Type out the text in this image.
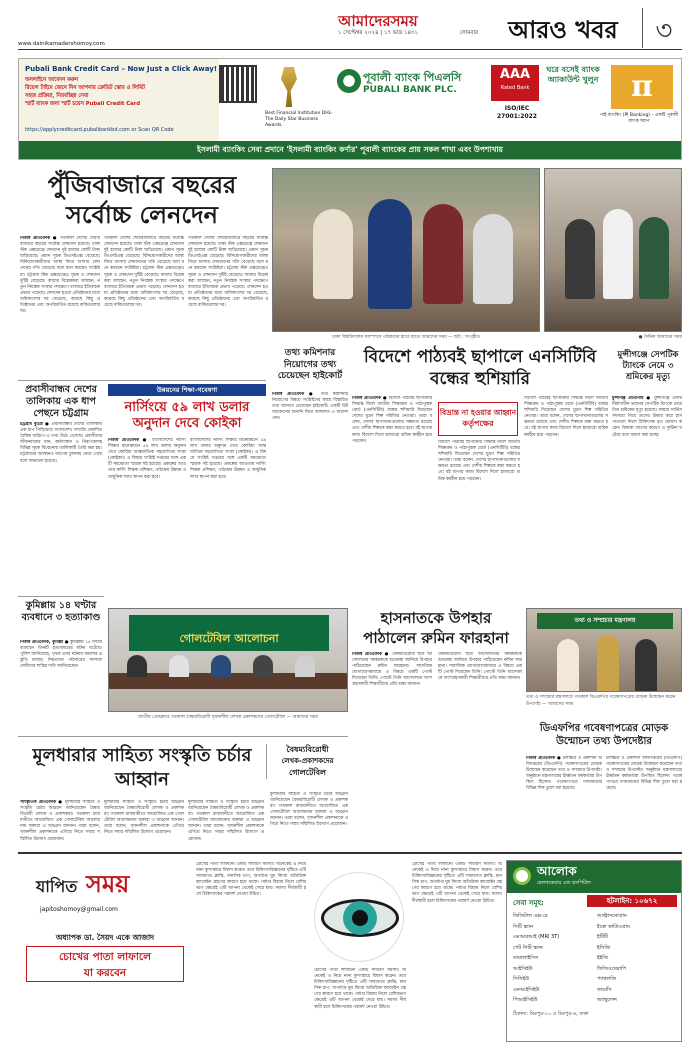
আমাদেরসময়
১ সেপ্টেম্বর ২০২৪ | ১৭ ভাদ্র ১৪৩১	সোমবার	আরও খবর	৩
www.dainikamadershomoy.com
Pubali Bank Credit Card – Now Just a Click Away!
অনলাইনে আবেদন করুন
রিয়েল টাইমে জেনে নিন আপনার ক্রেডিট স্কোর ও লিমিট
সহজ প্রক্রিয়া, নিরবচ্ছিন্ন সেবা
স্মার্ট ব্যাংক জন্য স্মার্ট চয়েস Pubali Credit Card
https://applycreditcard.pubalibankbd.com or Scan QR Code
Best Financial Institution DHL-The Daily Star Business Awards.
পূবালী ব্যাংক পিএলসি
PUBALI BANK PLC.
AAA
Rated Bank
ISO/IEC 27001:2022
ঘরে বসেই ব্যাংক অ্যাকাউন্ট খুলুন	π
পাই ব্যাংকিং (PI Banking) – একটি পূবালী ব্যাংক অ্যাপ
ইসলামী ব্যাংকিং সেবা প্রদানে 'ইসলামী ব্যাংকিং কর্ণার' পূবালী ব্যাংকের প্রায় সকল শাখা এবং উপশাখায়
পুঁজিবাজারে বছরের সর্বোচ্চ লেনদেন
নিজস্ব প্রতিবেদক ● গতকাল দেশের শেয়ারবাজারে বছরের সর্বোচ্চ লেনদেন হয়েছে। ঢাকা স্টক এক্সচেঞ্জে লেনদেন দুই হাজার কোটি টাকা ছাড়িয়েছে। প্রধান সূচক ডিএসইএক্স বেড়েছে। বিনিয়োগকারীদের আস্থা ফিরে আসায় লেনদেনের গতি বেড়েছে বলে মনে করছেন সংশ্লিষ্টরা। চট্টগ্রাম স্টক এক্সচেঞ্জেও সূচক ও লেনদেন দুটিই বেড়েছে। বাজার বিশ্লেষকরা বলছেন, নতুন নিয়ন্ত্রক সংস্থার পদক্ষেপে বাজারে ইতিবাচক প্রভাব পড়েছে। লেনদেন হওয়া প্রতিষ্ঠানের মধ্যে অধিকাংশের দর বেড়েছে, কমেছে কিছু প্রতিষ্ঠানের এবং অপরিবর্তিত রয়েছে বাকিগুলোর দর।
গতকাল দেশের শেয়ারবাজারে বছরের সর্বোচ্চ লেনদেন হয়েছে। ঢাকা স্টক এক্সচেঞ্জে লেনদেন দুই হাজার কোটি টাকা ছাড়িয়েছে। প্রধান সূচক ডিএসইএক্স বেড়েছে। বিনিয়োগকারীদের আস্থা ফিরে আসায় লেনদেনের গতি বেড়েছে বলে মনে করছেন সংশ্লিষ্টরা। চট্টগ্রাম স্টক এক্সচেঞ্জেও সূচক ও লেনদেন দুটিই বেড়েছে। বাজার বিশ্লেষকরা বলছেন, নতুন নিয়ন্ত্রক সংস্থার পদক্ষেপে বাজারে ইতিবাচক প্রভাব পড়েছে। লেনদেন হওয়া প্রতিষ্ঠানের মধ্যে অধিকাংশের দর বেড়েছে, কমেছে কিছু প্রতিষ্ঠানের এবং অপরিবর্তিত রয়েছে বাকিগুলোর দর।
গতকাল দেশের শেয়ারবাজারে বছরের সর্বোচ্চ লেনদেন হয়েছে। ঢাকা স্টক এক্সচেঞ্জে লেনদেন দুই হাজার কোটি টাকা ছাড়িয়েছে। প্রধান সূচক ডিএসইএক্স বেড়েছে। বিনিয়োগকারীদের আস্থা ফিরে আসায় লেনদেনের গতি বেড়েছে বলে মনে করছেন সংশ্লিষ্টরা। চট্টগ্রাম স্টক এক্সচেঞ্জেও সূচক ও লেনদেন দুটিই বেড়েছে। বাজার বিশ্লেষকরা বলছেন, নতুন নিয়ন্ত্রক সংস্থার পদক্ষেপে বাজারে ইতিবাচক প্রভাব পড়েছে। লেনদেন হওয়া প্রতিষ্ঠানের মধ্যে অধিকাংশের দর বেড়েছে, কমেছে কিছু প্রতিষ্ঠানের এবং অপরিবর্তিত রয়েছে বাকিগুলোর দর।
ঢাকা বিশ্ববিদ্যালয় ক্যাম্পাসে পাঠকদের হাতে হাতে আমাদের সময় — ছবি : সংগৃহীত	● দৈনিক আমাদের সময়
প্রবাসীবান্ধব দেশের তালিকায় এক ধাপ পেছনে চট্টগ্রাম
চট্টগ্রাম ব্যুরো ● প্রবাসীবান্ধব দেশের তালিকায় এক ধাপ পিছিয়েছে বাংলাদেশ। সম্প্রতি প্রকাশিত বৈশ্বিক জরিপে এ তথ্য উঠে এসেছে। প্রবাসীদের জীবনযাত্রার মান, কর্মসংস্থান ও নিরাপত্তাসহ বিভিন্ন সূচক বিবেচনায় তালিকাটি তৈরি করা হয়। চট্টগ্রামের অবস্থানও আগের তুলনায় নেমে গেছে বলে জানানো হয়েছে।
কুমিল্লায় ১৪ ঘণ্টার ব্যবধানে ৩ হত্যাকাণ্ড
নিজস্ব প্রতিবেদক, কুমিল্লা ● কুমিল্লায় ১৪ ঘণ্টার ব্যবধানে তিনটি হত্যাকাণ্ডের ঘটনা ঘটেছে। পুলিশ জানিয়েছে, পৃথক এসব ঘটনায় মামলার প্রস্তুতি চলছে। নিহতদের পরিবারের সদস্যরা দোষীদের শাস্তির দাবি জানিয়েছেন।
উন্নয়নের শিক্ষা-গবেষণা
নার্সিংয়ে ৫৯ লাখ ডলার অনুদান দেবে কোইকা
নিজস্ব প্রতিবেদক ● বাংলাদেশের নার্সিং শিক্ষার মানোন্নয়নে ৫৯ লাখ ডলার অনুদান দেবে কোরিয়া আন্তর্জাতিক সহযোগিতা সংস্থা (কোইকা)। এ বিষয়ে সংশ্লিষ্ট দপ্তরের সঙ্গে একটি সমঝোতা স্মারক সই হয়েছে। প্রকল্পের আওতায় নার্সিং শিক্ষক প্রশিক্ষণ, পাঠ্যক্রম উন্নয়ন ও আধুনিক ল্যাব স্থাপন করা হবে।
বাংলাদেশের নার্সিং শিক্ষার মানোন্নয়নে ৫৯ লাখ ডলার অনুদান দেবে কোরিয়া আন্তর্জাতিক সহযোগিতা সংস্থা (কোইকা)। এ বিষয়ে সংশ্লিষ্ট দপ্তরের সঙ্গে একটি সমঝোতা স্মারক সই হয়েছে। প্রকল্পের আওতায় নার্সিং শিক্ষক প্রশিক্ষণ, পাঠ্যক্রম উন্নয়ন ও আধুনিক ল্যাব স্থাপন করা হবে।
তথ্য কমিশনার নিয়োগের তথ্য চেয়েছেন হাইকোর্ট
নিজস্ব প্রতিবেদক ● তথ্য কমিশনার নিয়োগের বিষয়ে সংশ্লিষ্টদের কাছে বিস্তারিত তথ্য জানতে চেয়েছেন হাইকোর্ট। একটি রিট আবেদনের শুনানি নিয়ে আদালত এ আদেশ দেন।
বিদেশে পাঠ্যবই ছাপালে এনসিটিবি বন্ধের হুশিয়ারি
নিজস্ব প্রতিবেদক ● বিদেশে পাঠ্যবই ছাপানোর সিদ্ধান্ত নিলে জাতীয় শিক্ষাক্রম ও পাঠ্যপুস্তক বোর্ড (এনসিটিবি) বন্ধের হুশিয়ারি দিয়েছেন দেশের মুদ্রণ শিল্প সমিতির নেতারা। তারা বলেন, দেশের ছাপাখানাগুলোর সক্ষমতা রয়েছে এবং দেশীয় শিল্পকে রক্ষা করতে হবে। বই ছাপার কাজ বিদেশে দিলে হাজারো শ্রমিক কর্মহীন হয়ে পড়বেন।
বিভ্রান্ত না হওয়ার আহ্বান
কর্তৃপক্ষের
বিদেশে পাঠ্যবই ছাপানোর সিদ্ধান্ত নিলে জাতীয় শিক্ষাক্রম ও পাঠ্যপুস্তক বোর্ড (এনসিটিবি) বন্ধের হুশিয়ারি দিয়েছেন দেশের মুদ্রণ শিল্প সমিতির নেতারা। তারা বলেন, দেশের ছাপাখানাগুলোর সক্ষমতা রয়েছে এবং দেশীয় শিল্পকে রক্ষা করতে হবে। বই ছাপার কাজ বিদেশে দিলে হাজারো শ্রমিক কর্মহীন হয়ে পড়বেন।
বিদেশে পাঠ্যবই ছাপানোর সিদ্ধান্ত নিলে জাতীয় শিক্ষাক্রম ও পাঠ্যপুস্তক বোর্ড (এনসিটিবি) বন্ধের হুশিয়ারি দিয়েছেন দেশের মুদ্রণ শিল্প সমিতির নেতারা। তারা বলেন, দেশের ছাপাখানাগুলোর সক্ষমতা রয়েছে এবং দেশীয় শিল্পকে রক্ষা করতে হবে। বই ছাপার কাজ বিদেশে দিলে হাজারো শ্রমিক কর্মহীন হয়ে পড়বেন।
মুন্সীগঞ্জে সেপটিক ট্যাংকে নেমে ৩ শ্রমিকের মৃত্যু
মুন্সীগঞ্জ প্রতিনিধি ● মুন্সীগঞ্জে একটি নির্মাণাধীন ভবনের সেপটিক ট্যাংকে নেমে তিন শ্রমিকের মৃত্যু হয়েছে। ফায়ার সার্ভিস সদস্যরা গিয়ে তাদের উদ্ধার করে হাসপাতালে নিলে চিকিৎসক মৃত ঘোষণা করেন। বিষাক্ত গ্যাসের কারণে এ দুর্ঘটনা ঘটেছে বলে ধারণা করা হচ্ছে।
গোলটেবিল আলোচনা
জাতীয় প্রেসক্লাবে গতকাল বৈষম্যবিরোধী সৃজনশীল লেখক প্রকাশকদের গোলটেবিল — আমাদের সময়
হাসনাতকে উপহার পাঠালেন রুমিন ফারহানা
নিজস্ব প্রতিবেদক ● বৈষম্যবিরোধী ছাত্র আন্দোলনের সমন্বয়ককে শুভেচ্ছা জানিয়ে উপহার পাঠিয়েছেন রুমিন ফারহানা। সামাজিক যোগাযোগমাধ্যমে এ বিষয়ে একটি পোস্ট দিয়েছেন তিনি। পোস্টে তিনি আন্দোলনে অংশগ্রহণকারী শিক্ষার্থীদের প্রতি শ্রদ্ধা জানান।
বৈষম্যবিরোধী ছাত্র আন্দোলনের সমন্বয়ককে শুভেচ্ছা জানিয়ে উপহার পাঠিয়েছেন রুমিন ফারহানা। সামাজিক যোগাযোগমাধ্যমে এ বিষয়ে একটি পোস্ট দিয়েছেন তিনি। পোস্টে তিনি আন্দোলনে অংশগ্রহণকারী শিক্ষার্থীদের প্রতি শ্রদ্ধা জানান।
তথ্য ও সম্প্রচার মন্ত্রণালয়
তথ্য ও সম্প্রচার মন্ত্রণালয়ে গতকাল ডিএফপির গবেষণাপত্রের মোড়ক উন্মোচন করেন উপদেষ্টা — আমাদের সময়
ডিএফপির গবেষণাপত্রের মোড়ক উন্মোচন তথ্য উপদেষ্টার
নিজস্ব প্রতিবেদক ● চলচ্চিত্র ও প্রকাশনা অধিদপ্তরের (ডিএফপি) গবেষণাপত্রের মোড়ক উন্মোচন করেছেন তথ্য ও সম্প্রচার উপদেষ্টা। অনুষ্ঠানে মন্ত্রণালয়ের ঊর্ধ্বতন কর্মকর্তারা উপস্থিত ছিলেন। গবেষণাপত্রে গণমাধ্যমের বিভিন্ন দিক তুলে ধরা হয়েছে।
চলচ্চিত্র ও প্রকাশনা অধিদপ্তরের (ডিএফপি) গবেষণাপত্রের মোড়ক উন্মোচন করেছেন তথ্য ও সম্প্রচার উপদেষ্টা। অনুষ্ঠানে মন্ত্রণালয়ের ঊর্ধ্বতন কর্মকর্তারা উপস্থিত ছিলেন। গবেষণাপত্রে গণমাধ্যমের বিভিন্ন দিক তুলে ধরা হয়েছে।
মূলধারার সাহিত্য সংস্কৃতি চর্চার আহ্বান
সাংস্কৃতিক প্রতিবেদক ● মূলধারার সাহিত্য ও সংস্কৃতি চর্চার আহ্বান জানিয়েছেন বৈষম্যবিরোধী লেখক ও প্রকাশকরা। গতকাল রাজধানীতে আয়োজিত এক গোলটেবিল আলোচনায় বক্তারা এ আহ্বান জানান। তারা বলেন, সৃজনশীল প্রকাশনাকে এগিয়ে নিতে সবার সম্মিলিত উদ্যোগ প্রয়োজন।
মূলধারার সাহিত্য ও সংস্কৃতি চর্চার আহ্বান জানিয়েছেন বৈষম্যবিরোধী লেখক ও প্রকাশকরা। গতকাল রাজধানীতে আয়োজিত এক গোলটেবিল আলোচনায় বক্তারা এ আহ্বান জানান। তারা বলেন, সৃজনশীল প্রকাশনাকে এগিয়ে নিতে সবার সম্মিলিত উদ্যোগ প্রয়োজন।
মূলধারার সাহিত্য ও সংস্কৃতি চর্চার আহ্বান জানিয়েছেন বৈষম্যবিরোধী লেখক ও প্রকাশকরা। গতকাল রাজধানীতে আয়োজিত এক গোলটেবিল আলোচনায় বক্তারা এ আহ্বান জানান। তারা বলেন, সৃজনশীল প্রকাশনাকে এগিয়ে নিতে সবার সম্মিলিত উদ্যোগ প্রয়োজন।
বৈষম্যবিরোধী
লেখক-প্রকাশকদের
গোলটেবিল
মূলধারার সাহিত্য ও সংস্কৃতি চর্চার আহ্বান জানিয়েছেন বৈষম্যবিরোধী লেখক ও প্রকাশকরা। গতকাল রাজধানীতে আয়োজিত এক গোলটেবিল আলোচনায় বক্তারা এ আহ্বান জানান। তারা বলেন, সৃজনশীল প্রকাশনাকে এগিয়ে নিতে সবার সম্মিলিত উদ্যোগ প্রয়োজন।
যাপিত সময়
japitoshomoy@gmail.com
অধ্যাপক ডা. সৈয়দ একে আজাদ
চোখের পাতা লাফালে
যা করবেন
চোখের পাতা লাফানো একটি সাধারণ সমস্যা। অনেকেই এ নিয়ে নানা কুসংস্কারে বিশ্বাস করেন। তবে চিকিৎসাবিজ্ঞানের দৃষ্টিতে এটি সাধারণত ক্লান্তি, মানসিক চাপ, অপর্যাপ্ত ঘুম কিংবা অতিরিক্ত ক্যাফেইন গ্রহণের কারণে হয়ে থাকে। পর্যাপ্ত বিশ্রাম নিলে বেশিরভাগ ক্ষেত্রেই এটি আপনা থেকেই সেরে যায়। সমস্যা দীর্ঘস্থায়ী হলে চিকিৎসকের পরামর্শ নেওয়া উচিত।
চোখের পাতা লাফানো একটি সাধারণ সমস্যা। অনেকেই এ নিয়ে নানা কুসংস্কারে বিশ্বাস করেন। তবে চিকিৎসাবিজ্ঞানের দৃষ্টিতে এটি সাধারণত ক্লান্তি, মানসিক চাপ, অপর্যাপ্ত ঘুম কিংবা অতিরিক্ত ক্যাফেইন গ্রহণের কারণে হয়ে থাকে। পর্যাপ্ত বিশ্রাম নিলে বেশিরভাগ ক্ষেত্রেই এটি আপনা থেকেই সেরে যায়। সমস্যা দীর্ঘস্থায়ী হলে চিকিৎসকের পরামর্শ নেওয়া উচিত।
চোখের পাতা লাফানো একটি সাধারণ সমস্যা। অনেকেই এ নিয়ে নানা কুসংস্কারে বিশ্বাস করেন। তবে চিকিৎসাবিজ্ঞানের দৃষ্টিতে এটি সাধারণত ক্লান্তি, মানসিক চাপ, অপর্যাপ্ত ঘুম কিংবা অতিরিক্ত ক্যাফেইন গ্রহণের কারণে হয়ে থাকে। পর্যাপ্ত বিশ্রাম নিলে বেশিরভাগ ক্ষেত্রেই এটি আপনা থেকেই সেরে যায়। সমস্যা দীর্ঘস্থায়ী হলে চিকিৎসকের পরামর্শ নেওয়া উচিত।
আলোক
হেলথকেয়ার এন্ড হসপিটাল
সেবা সমূহ:	হটলাইন: ১০৬৭২
ডিজিটাল এক্স-রে
সিটি স্ক্যান
এমআরআই (MRI 3T)
পেট সিটি স্ক্যান
ডায়ালাইসিস
আইসিইউ
সিসিইউ
এনআইসিইউ
পিআইসিইউ
আল্ট্রাসনোগ্রাম
ইকো কার্ডিওগ্রাম
ইটিটি
ইসিজি
ইইজি
ফিজিওথেরাপি
প্যাথলজি
ফার্মেসি
অ্যাম্বুলেন্স
ঠিকানা: মিরপুর-১০ ও মিরপুর-৬, ঢাকা
